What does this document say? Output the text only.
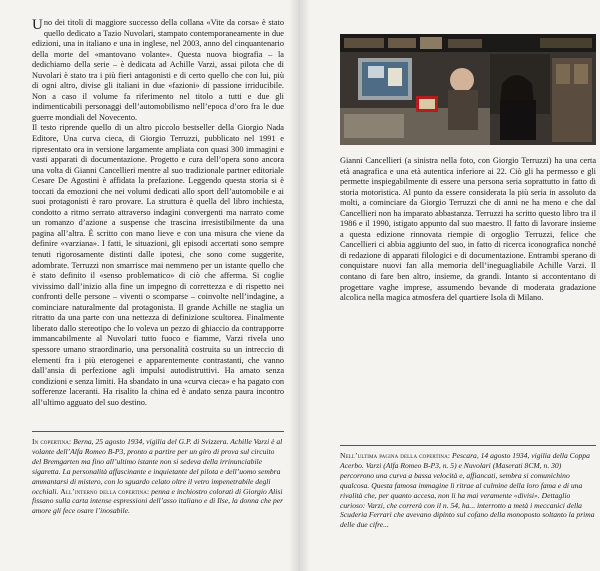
Uno dei titoli di maggiore successo della collana «Vite da corsa» è stato quello dedicato a Tazio Nuvolari, stampato contemporaneamente in due edizioni, una in italiano e una in inglese, nel 2003, anno del cinquantenario della morte del «mantovano volante». Questa nuova biografia – la dedichiamo della serie – è dedicata ad Achille Varzi, assai pilota che di Nuvolari è stato tra i più fieri antagonisti e di certo quello che con lui, più di ogni altro, divise gli italiani in due «fazioni» di passione irriducibile. Non a caso il volume fa riferimento nel titolo a tutti e due gli indimenticabili personaggi dell’automobilismo nell’epoca d’oro fra le due guerre mondiali del Novecento.

Il testo riprende quello di un altro piccolo bestseller della Giorgio Nada Editore, Una curva cieca, di Giorgio Terruzzi, pubblicato nel 1991 e ripresentato ora in versione largamente ampliata con quasi 300 immagini e vasti apparati di documentazione. Progetto e cura dell’opera sono ancora una volta di Gianni Cancellieri mentre al suo tradizionale partner editoriale Cesare De Agostini è affidata la prefazione. Leggendo questa storia si è toccati da emozioni che nei volumi dedicati allo sport dell’automobile e ai suoi protagonisti è raro provare. La struttura è quella del libro inchiesta, condotto a ritmo serrato attraverso indagini convergenti ma narrato come un romanzo d’azione a suspense che trascina irresistibilmente da una pagina all’altra. È scritto con mano lieve e con una misura che viene da definire «varziana». I fatti, le situazioni, gli episodi accertati sono sempre tenuti rigorosamente distinti dalle ipotesi, che sono come suggerite, adombrate. Terruzzi non smarrisce mai nemmeno per un istante quello che è stato definito il «senso problematico» di ciò che afferma. Si coglie vivissimo dall’inizio alla fine un impegno di correttezza e di rispetto nei confronti delle persone – viventi o scomparse – coinvolte nell’indagine, a cominciare naturalmente dal protagonista. Il grande Achille ne stagliа un ritratto da una parte con una nettezza di definizione scultorea. Finalmente liberato dallo stereotipo che lo voleva un pezzo di ghiaccio da contrapporre immancabilmente al Nuvolari tutto fuoco e fiamme, Varzi rivela uno spessore umano straordinario, una personalità costruita su un intreccio di elementi fra i più eterogenei e apparentemente contrastanti, che vanno dall’ansia di perfezione agli impulsi autodistruttivi. Ha amato senza condizioni e senza limiti. Ha sbandato in una «curva cieca» e ha pagato con sofferenze laceranti. Ha risalito la china ed è andato senza paura incontro all’ultimo agguato del suo destino.

In copertina: Berna, 25 agosto 1934, vigilia del G.P. di Svizzera. Achille Varzi è al volante dell’Alfa Romeo B-P3, pronto a partire per un giro di prova sul circuito del Bremgarten ma fino all’ultimo istante non si sedeva della irrinunciabile sigaretta. La personalità affascinante e inquietante del pilota e dell’uomo sembra ammantarsi di mistero, con lo sguardo celato oltre il vetro impenetrabile degli occhiali. All’interno della copertina: penna e inchiostro colorati di Giorgio Alisi fissano sulla carta intense espressioni dell’asso italiano e di Ilse, la donna che per amore gli fece osare l’inosabile.

Gianni Cancellieri (a sinistra nella foto, con Giorgio Terruzzi) ha una certa età anagrafica e una età autentica inferiore ai 22. Ciò gli ha permesso e gli permette inspiegabilmente di essere una persona seria soprattutto in fatto di storia motoristica. Al punto da essere considerata la più seria in assoluto da molti, a cominciare da Giorgio Terruzzi che di anni ne ha meno e che dal Cancellieri non ha imparato abbastanza. Terruzzi ha scritto questo libro tra il 1986 e il 1990, istigato appunto dal suo maestro. Il fatto di lavorare insieme a questa edizione rinnovata riempie di orgoglio Terruzzi, felice che Cancellieri ci abbia aggiunto del suo, in fatto di ricerca iconografica nonché di redazione di apparati filologici e di documentazione. Entrambi sperano di conquistare nuovi fan alla memoria dell’ineguagliabile Achille Varzi. Il contano di fare ben altro, insieme, da grandi. Intanto si accontentano di progettare vaghe imprese, assumendo bevande di moderata gradazione alcolica nella magica atmosfera del quartiere Isola di Milano.

Nell’ultima pagina della copertina: Pescara, 14 agosto 1934, vigilia della Coppa Acerbo. Varzi (Alfa Romeo B-P3, n. 5) e Nuvolari (Maserati 8CM, n. 30) percorrono una curva a bassa velocità e, affiancati, sembra si comunichino qualcosa. Questa famosa immagine li ritrae al culmine della loro fama e di una rivalità che, per quanto accesa, non li ha mai veramente «divisi». Dettaglio curioso: Varzi, che correrà con il n. 54, ha... interrotto a metà i meccanici della Scuderia Ferrari che avevano dipinto sul cofano della monoposto soltanto la prima delle due cifre...
